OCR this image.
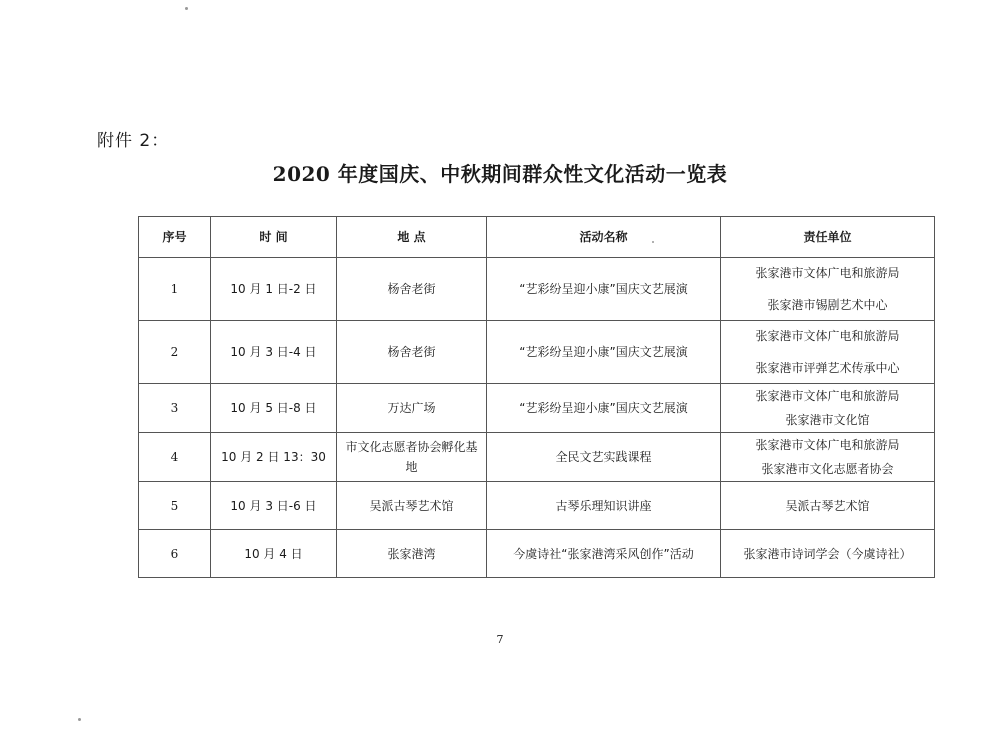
附件 2：
2020 年度国庆、中秋期间群众性文化活动一览表
序号	时 间	地 点	活动名称	责任单位
1	10 月 1 日-2 日	杨舍老街	“艺彩纷呈迎小康”国庆文艺展演	张家港市文体广电和旅游局
张家港市锡剧艺术中心

2	10 月 3 日-4 日	杨舍老街	“艺彩纷呈迎小康”国庆文艺展演	张家港市文体广电和旅游局
张家港市评弹艺术传承中心

3	10 月 5 日-8 日	万达广场	“艺彩纷呈迎小康”国庆文艺展演	张家港市文体广电和旅游局
张家港市文化馆

4	10 月 2 日 13：30	市文化志愿者协会孵化基地	全民文艺实践课程	张家港市文体广电和旅游局
张家港市文化志愿者协会

5	10 月 3 日-6 日	吴派古琴艺术馆	古琴乐理知识讲座	吴派古琴艺术馆

6	10 月 4 日	张家港湾	今虞诗社“张家港湾采风创作”活动	张家港市诗词学会（今虞诗社）
7
